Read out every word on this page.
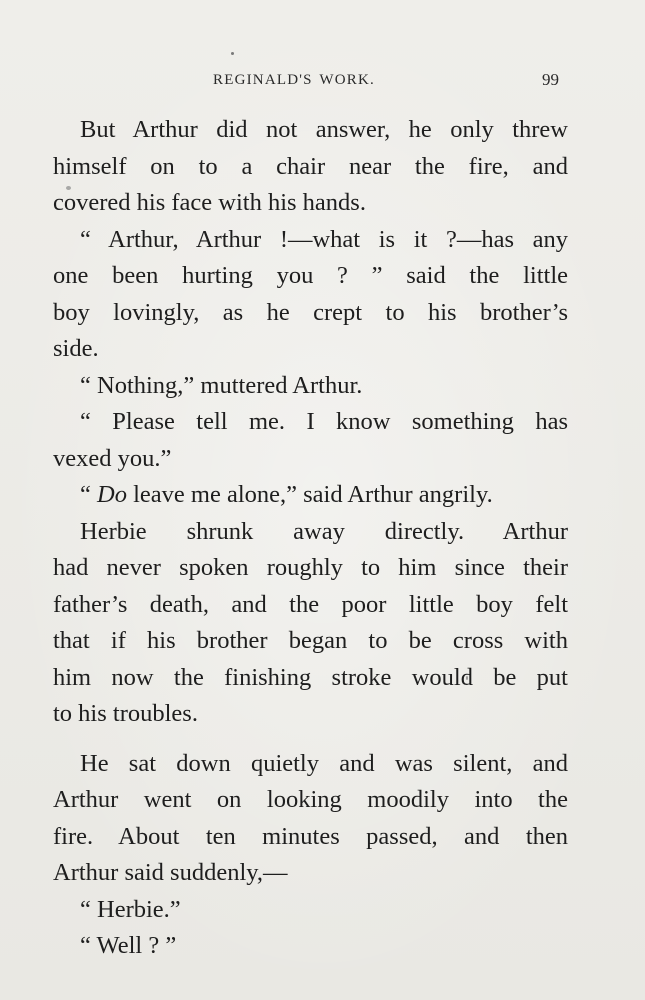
REGINALD'S WORK.	99
But Arthur did not answer, he only threw
himself on to a chair near the fire, and
covered his face with his hands.
“ Arthur, Arthur !—what is it ?—has any
one been hurting you ? ” said the little
boy lovingly, as he crept to his brother’s
side.
“ Nothing,” muttered Arthur.
“ Please tell me. I know something has
vexed you.”
“ Do leave me alone,” said Arthur angrily.
Herbie shrunk away directly. Arthur
had never spoken roughly to him since their
father’s death, and the poor little boy felt
that if his brother began to be cross with
him now the finishing stroke would be put
to his troubles.
He sat down quietly and was silent, and
Arthur went on looking moodily into the
fire. About ten minutes passed, and then
Arthur said suddenly,—
“ Herbie.”
“ Well ? ”
